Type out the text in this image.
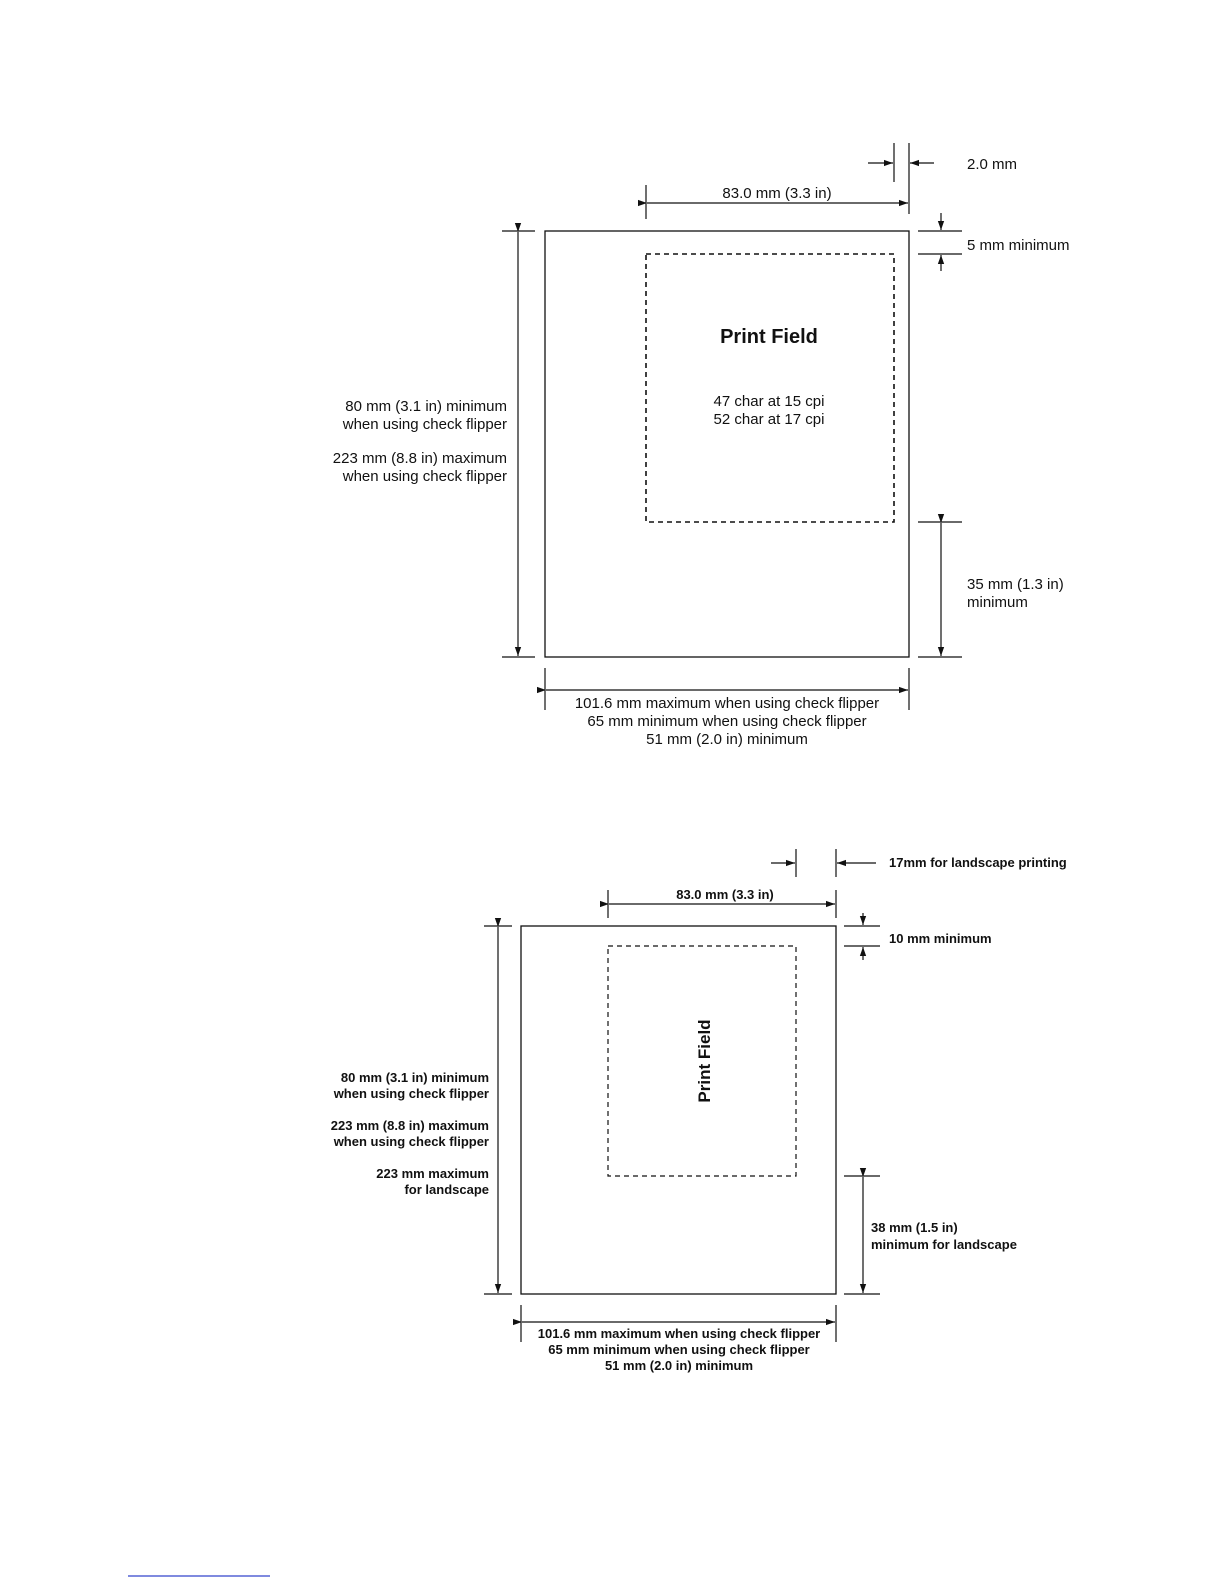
2.0 mm
83.0 mm (3.3 in)
5 mm minimum
Print Field
47 char at 15 cpi
52 char at 17 cpi
80 mm (3.1 in) minimum
when using check flipper
223 mm (8.8 in) maximum
when using check flipper
35 mm (1.3 in)
minimum
101.6 mm maximum when using check flipper
65 mm minimum when using check flipper
51 mm (2.0 in) minimum
17mm for landscape printing
83.0 mm (3.3 in)
10 mm minimum
Print Field
80 mm (3.1 in) minimum
when using check flipper
223 mm (8.8 in) maximum
when using check flipper
223 mm maximum
for landscape
38 mm (1.5 in)
minimum for landscape
101.6 mm maximum when using check flipper
65 mm minimum when using check flipper
51 mm (2.0 in) minimum
